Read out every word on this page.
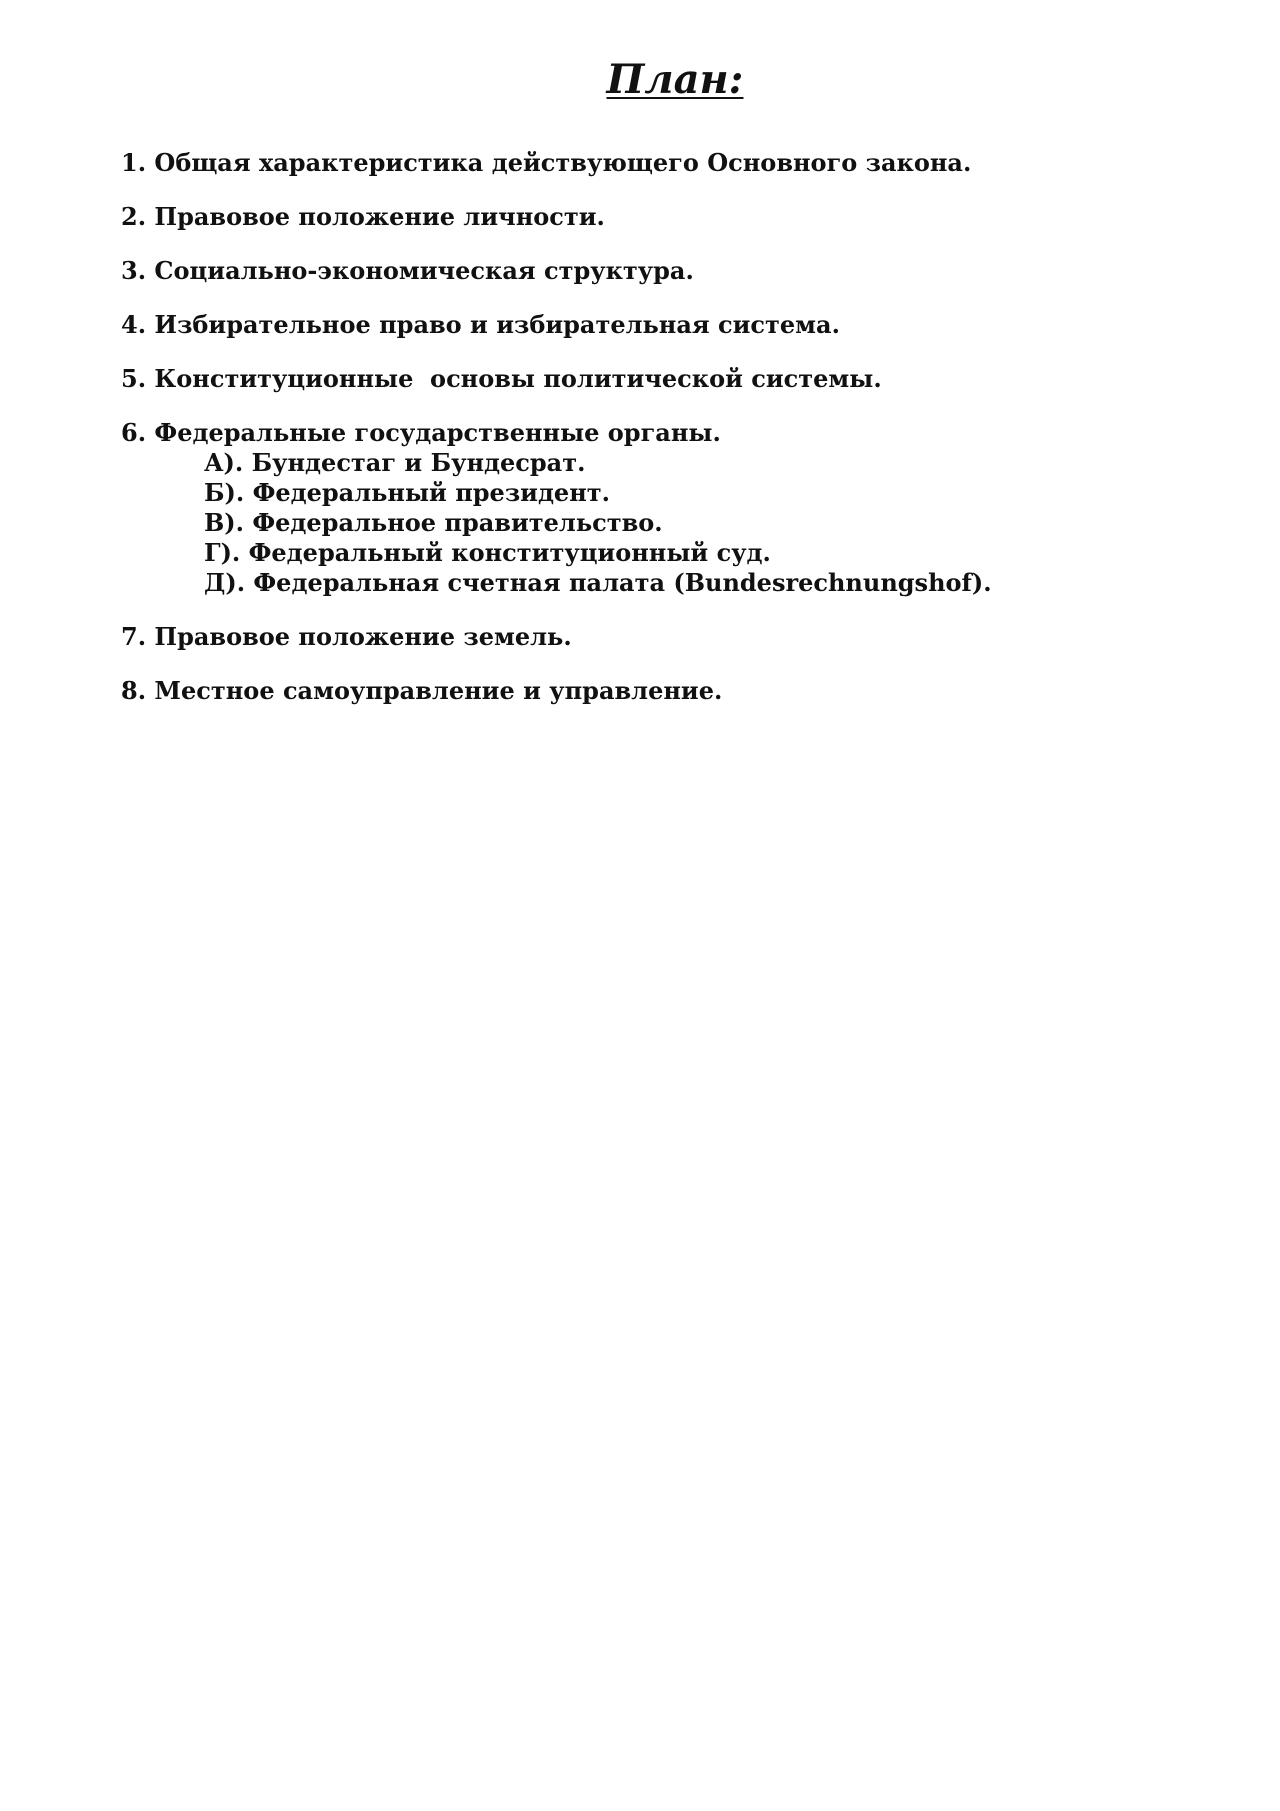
План:
1. Общая характеристика действующего Основного закона.
2. Правовое положение личности.
3. Социально-экономическая структура.
4. Избирательное право и избирательная система.
5. Конституционные  основы политической системы.
6. Федеральные государственные органы.
А). Бундестаг и Бундесрат.
Б). Федеральный президент.
В). Федеральное правительство.
Г). Федеральный конституционный суд.
Д). Федеральная счетная палата (Bundesrechnungshof).
7. Правовое положение земель.
8. Местное самоуправление и управление.
